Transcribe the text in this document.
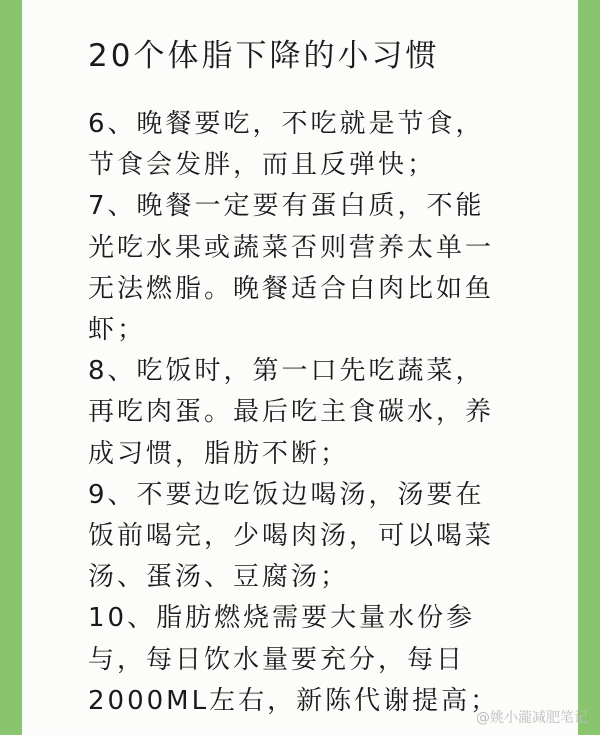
20个体脂下降的小习惯
6、晚餐要吃，不吃就是节食，
节食会发胖，而且反弹快；
7、晚餐一定要有蛋白质，不能
光吃水果或蔬菜否则营养太单一
无法燃脂。晚餐适合白肉比如鱼
虾；
8、吃饭时，第一口先吃蔬菜，
再吃肉蛋。最后吃主食碳水，养
成习惯，脂肪不断；
9、不要边吃饭边喝汤，汤要在
饭前喝完，少喝肉汤，可以喝菜
汤、蛋汤、豆腐汤；
10、脂肪燃烧需要大量水份参
与，每日饮水量要充分，每日
2000ML左右，新陈代谢提高；
@姚小瀧减肥笔记
